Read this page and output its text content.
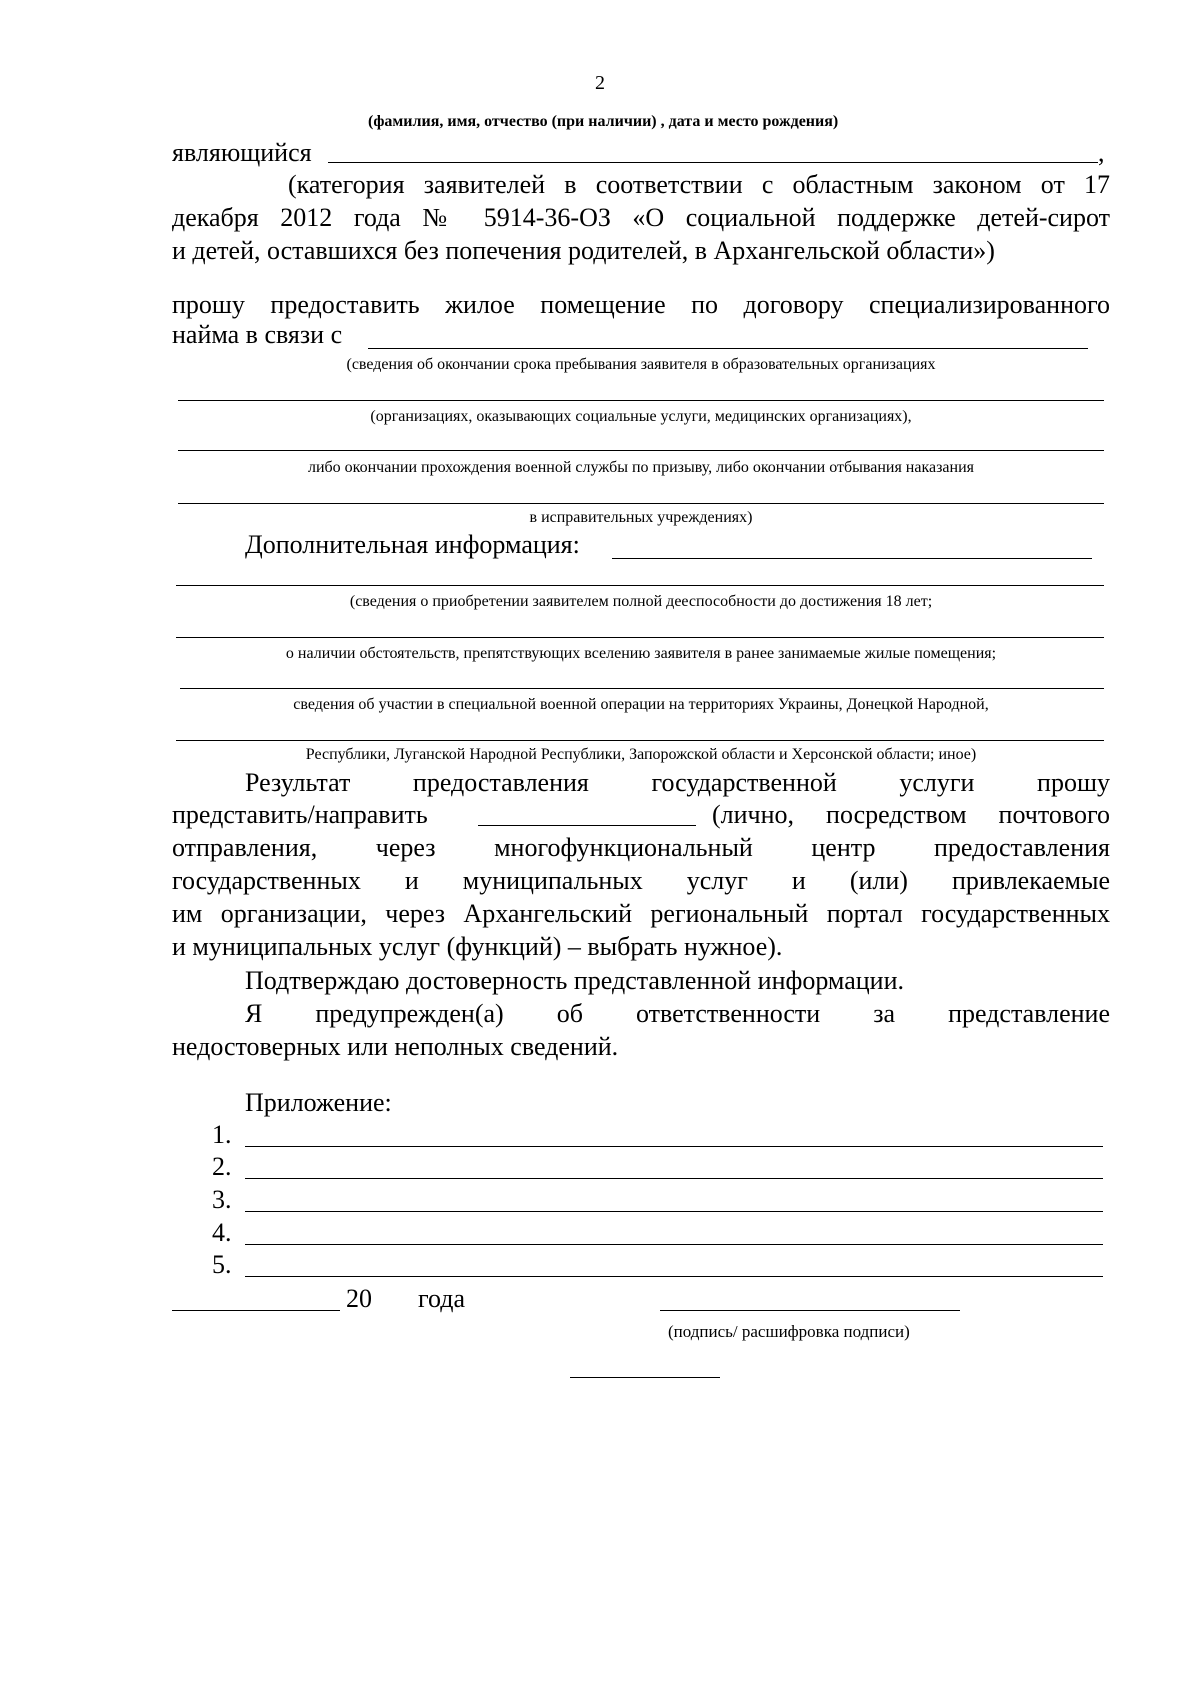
2
(фамилия, имя, отчество (при наличии) , дата и место рождения)
являющийся	,
(категория заявителей в соответствии с областным законом от 17
декабря 2012 года № 5914-36-ОЗ «О социальной поддержке детей-сирот
и детей, оставшихся без попечения родителей, в Архангельской области»)
прошу предоставить жилое помещение по договору специализированного
найма в связи с
(сведения об окончании срока пребывания заявителя в образовательных организациях
(организациях, оказывающих социальные услуги, медицинских организациях),
либо окончании прохождения военной службы по призыву, либо окончании отбывания наказания
в исправительных учреждениях)
Дополнительная информация:
(сведения о приобретении заявителем полной дееспособности до достижения 18 лет;
о наличии обстоятельств, препятствующих вселению заявителя в ранее занимаемые жилые помещения;
сведения об участии в специальной военной операции на территориях Украины, Донецкой Народной,
Республики, Луганской Народной Республики, Запорожской области и Херсонской области; иное)
Результат предоставления государственной услуги прошу
представить/направить	(лично, посредством почтового
отправления, через многофункциональный центр предоставления
государственных и муниципальных услуг и (или) привлекаемые
им организации, через Архангельский региональный портал государственных
и муниципальных услуг (функций) – выбрать нужное).
Подтверждаю достоверность представленной информации.
Я предупрежден(а) об ответственности за представление
недостоверных или неполных сведений.
Приложение:
1.
2.
3.
4.
5.
20 года
(подпись/ расшифровка подписи)
